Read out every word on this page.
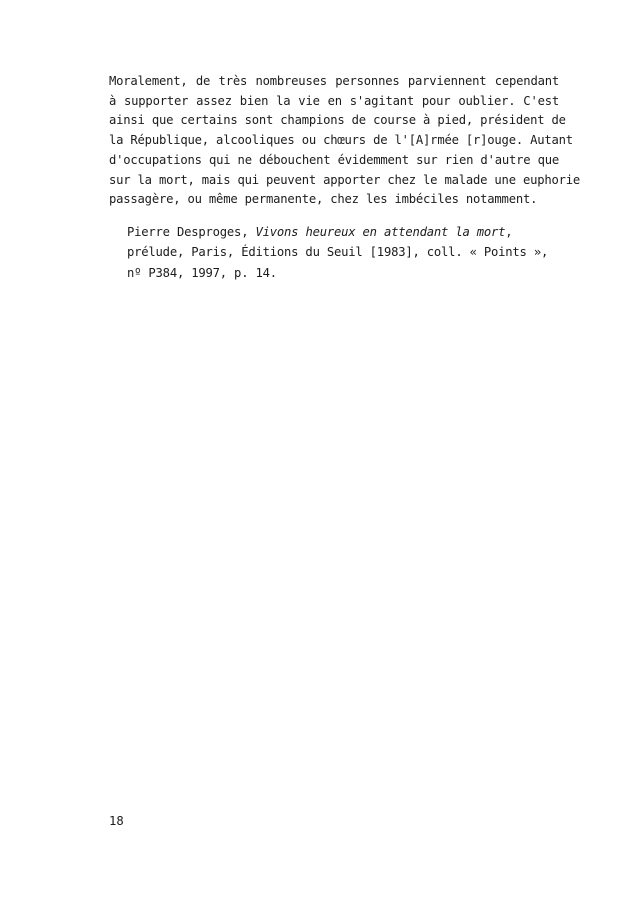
Moralement, de très nombreuses personnes parviennent cependant

à supporter assez bien la vie en s'agitant pour oublier. C'est

ainsi que certains sont champions de course à pied, président de

la République, alcooliques ou chœurs de l'[A]rmée [r]ouge. Autant

d'occupations qui ne débouchent évidemment sur rien d'autre que

sur la mort, mais qui peuvent apporter chez le malade une euphorie

passagère, ou même permanente, chez les imbéciles notamment.

Pierre Desproges, Vivons heureux en attendant la mort,

prélude, Paris, Éditions du Seuil [1983], coll. « Points »,

nº P384, 1997, p. 14.

18
